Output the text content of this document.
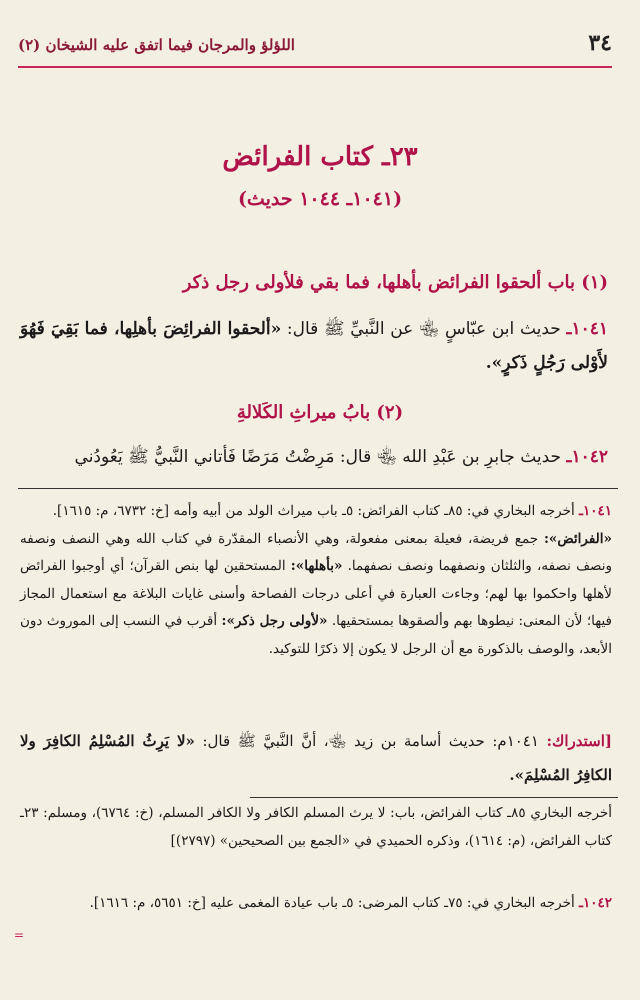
٣٤
اللؤلؤ والمرجان فيما اتفق عليه الشيخان (٢)
٢٣ـ كتاب الفرائض
(١٠٤١ـ ١٠٤٤ حديث)
(١) باب ألحقوا الفرائض بأهلها، فما بقي فلأولى رجل ذكر
١٠٤١ـ حديث ابن عبّاسٍ ﵄ عن النَّبيِّ ﷺ قال: «ألحقوا الفرائِضَ بأهلِها، فما بَقِيَ فَهُوَ لأَوْلى رَجُلٍ ذَكرٍ».
(٢) بابُ ميراثِ الكَلالةِ
١٠٤٢ـ حديث جابرِ بن عَبْدِ الله ﵄ قال: مَرِضْتُ مَرَضًا فَأتاني النَّبيُّ ﷺ يَعُودُني

١٠٤١ـ أخرجه البخاري في: ٨٥ـ كتاب الفرائض: ٥ـ باب ميراث الولد من أبيه وأمه [خ: ٦٧٣٢، م: ١٦١٥].

«الفرائض»: جمع فريضة، فعيلة بمعنى مفعولة، وهي الأنصباء المقدّرة في كتاب الله وهي النصف ونصفه ونصف نصفه، والثلثان ونصفهما ونصف نصفهما. «بأهلها»: المستحقين لها بنص القرآن؛ أي أوجبوا الفرائض لأهلها واحكموا بها لهم؛ وجاءت العبارة في أعلى درجات الفصاحة وأسنى غايات البلاغة مع استعمال المجاز فيها؛ لأن المعنى: نيطوها بهم وألصقوها بمستحقيها. «لأولى رجل ذكر»: أقرب في النسب إلى الموروث دون الأبعد، والوصف بالذكورة مع أن الرجل لا يكون إلا ذكرًا للتوكيد.

[استدراك: ١٠٤١م: حديث أسامة بن زيد ﵄، أنَّ النَّبيَّ ﷺ قال: «لا يَرِثُ المُسْلِمُ الكافِرَ ولا الكافِرُ المُسْلِمَ».

أخرجه البخاري ٨٥ـ كتاب الفرائض، باب: لا يرث المسلم الكافر ولا الكافر المسلم، (خ: ٦٧٦٤)، ومسلم: ٢٣ـ كتاب الفرائض، (م: ١٦١٤)، وذكره الحميدي في «الجمع بين الصحيحين» (٢٧٩٧)]

١٠٤٢ـ أخرجه البخاري في: ٧٥ـ كتاب المرضى: ٥ـ باب عيادة المغمى عليه [خ: ٥٦٥١، م: ١٦١٦].

=
